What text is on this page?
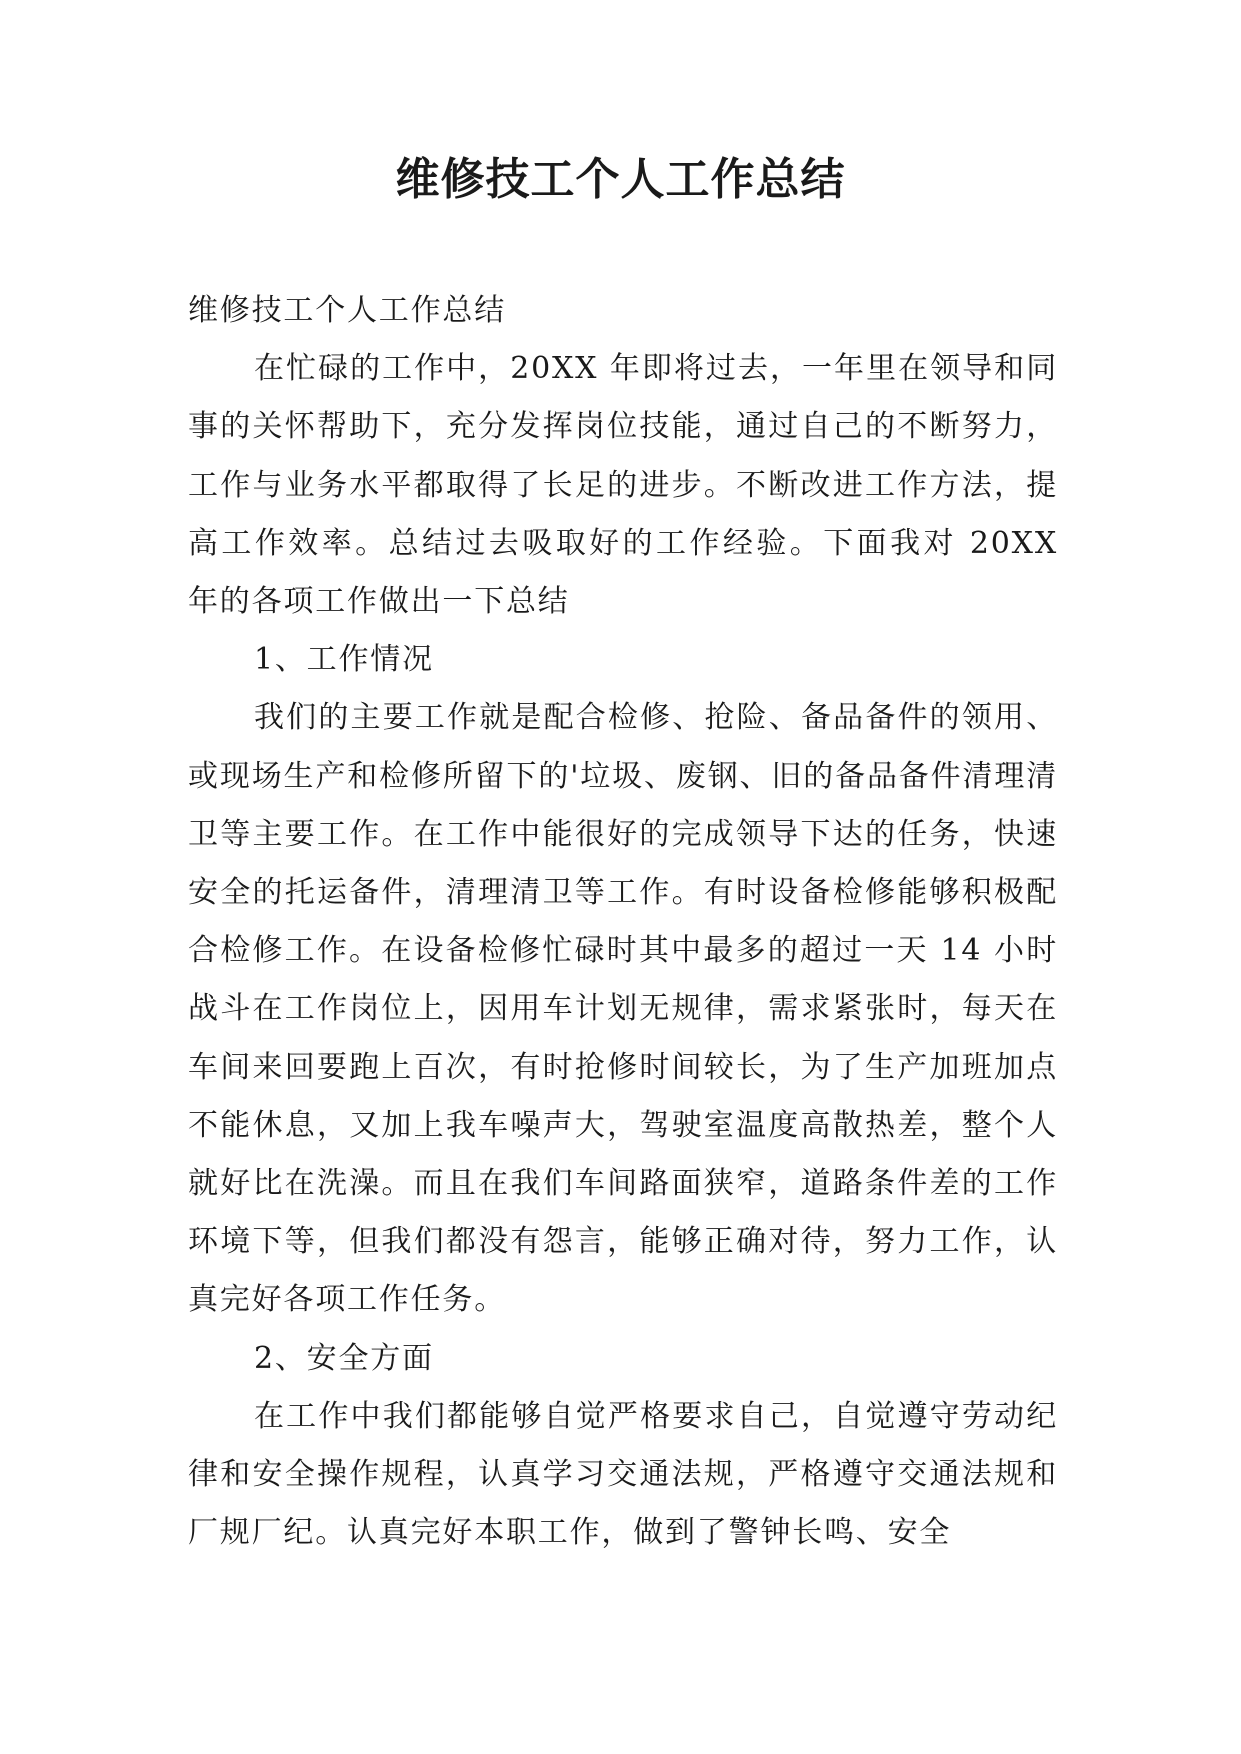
维修技工个人工作总结

维修技工个人工作总结

在忙碌的工作中，20XX 年即将过去，一年里在领导和同事的关怀帮助下，充分发挥岗位技能，通过自己的不断努力，工作与业务水平都取得了长足的进步。不断改进工作方法，提高工作效率。总结过去吸取好的工作经验。下面我对 20XX 年的各项工作做出一下总结

1、工作情况

我们的主要工作就是配合检修、抢险、备品备件的领用、或现场生产和检修所留下的'垃圾、废钢、旧的备品备件清理清卫等主要工作。在工作中能很好的完成领导下达的任务，快速安全的托运备件，清理清卫等工作。有时设备检修能够积极配合检修工作。在设备检修忙碌时其中最多的超过一天 14 小时战斗在工作岗位上，因用车计划无规律，需求紧张时，每天在车间来回要跑上百次，有时抢修时间较长，为了生产加班加点不能休息，又加上我车噪声大，驾驶室温度高散热差，整个人就好比在洗澡。而且在我们车间路面狭窄，道路条件差的工作环境下等，但我们都没有怨言，能够正确对待，努力工作，认真完好各项工作任务。

2、安全方面

在工作中我们都能够自觉严格要求自己，自觉遵守劳动纪律和安全操作规程，认真学习交通法规，严格遵守交通法规和厂规厂纪。认真完好本职工作，做到了警钟长鸣、安全
